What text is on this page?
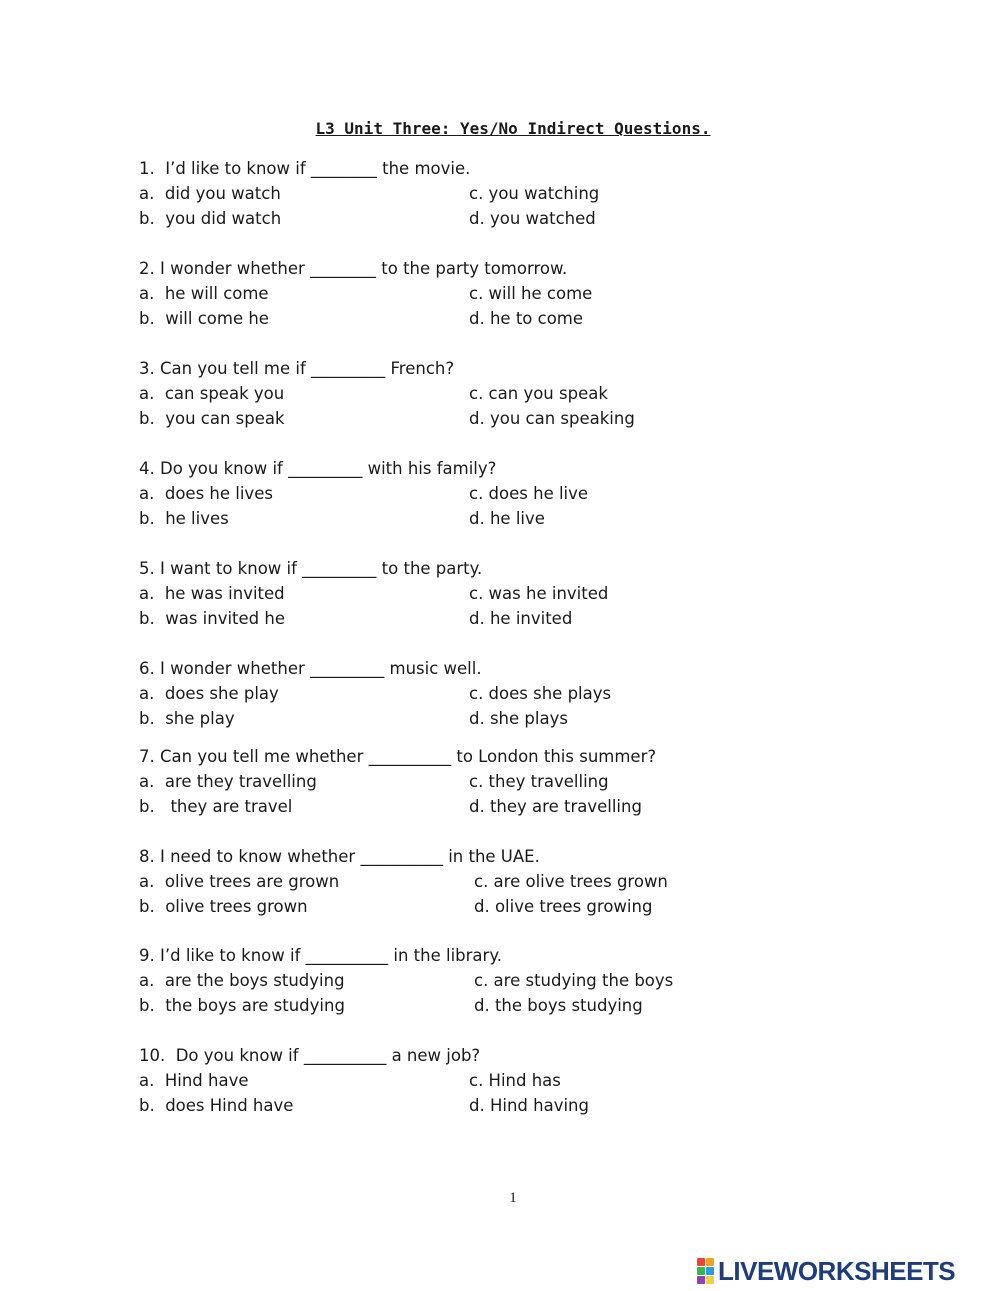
L3 Unit Three: Yes/No Indirect Questions.
1.  I’d like to know if ________ the movie.
a.  did you watch	c. you watching
b.  you did watch	d. you watched
2. I wonder whether ________ to the party tomorrow.
a.  he will come	c. will he come
b.  will come he	d. he to come
3. Can you tell me if _________ French?
a.  can speak you	c. can you speak
b.  you can speak	d. you can speaking
4. Do you know if _________ with his family?
a.  does he lives	c. does he live
b.  he lives	d. he live
5. I want to know if _________ to the party.
a.  he was invited	c. was he invited
b.  was invited he	d. he invited
6. I wonder whether _________ music well.
a.  does she play	c. does she plays
b.  she play	d. she plays
7. Can you tell me whether __________ to London this summer?
a.  are they travelling	c. they travelling
b.   they are travel	d. they are travelling
8. I need to know whether __________ in the UAE.
a.  olive trees are grown	c. are olive trees grown
b.  olive trees grown	d. olive trees growing
9. I’d like to know if __________ in the library.
a.  are the boys studying	c. are studying the boys
b.  the boys are studying	d. the boys studying
10.  Do you know if __________ a new job?
a.  Hind have	c. Hind has
b.  does Hind have	d. Hind having
1
LIVEWORKSHEETS
